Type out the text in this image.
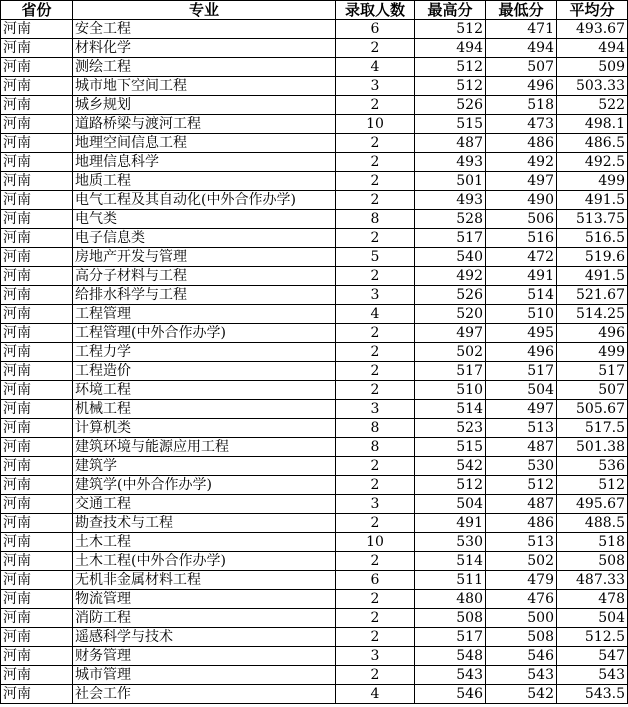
省份	专业	录取人数	最高分	最低分	平均分
河南	安全工程	6	512	471	493.67
河南	材料化学	2	494	494	494
河南	测绘工程	4	512	507	509
河南	城市地下空间工程	3	512	496	503.33
河南	城乡规划	2	526	518	522
河南	道路桥梁与渡河工程	10	515	473	498.1
河南	地理空间信息工程	2	487	486	486.5
河南	地理信息科学	2	493	492	492.5
河南	地质工程	2	501	497	499
河南	电气工程及其自动化(中外合作办学)	2	493	490	491.5
河南	电气类	8	528	506	513.75
河南	电子信息类	2	517	516	516.5
河南	房地产开发与管理	5	540	472	519.6
河南	高分子材料与工程	2	492	491	491.5
河南	给排水科学与工程	3	526	514	521.67
河南	工程管理	4	520	510	514.25
河南	工程管理(中外合作办学)	2	497	495	496
河南	工程力学	2	502	496	499
河南	工程造价	2	517	517	517
河南	环境工程	2	510	504	507
河南	机械工程	3	514	497	505.67
河南	计算机类	8	523	513	517.5
河南	建筑环境与能源应用工程	8	515	487	501.38
河南	建筑学	2	542	530	536
河南	建筑学(中外合作办学)	2	512	512	512
河南	交通工程	3	504	487	495.67
河南	勘查技术与工程	2	491	486	488.5
河南	土木工程	10	530	513	518
河南	土木工程(中外合作办学)	2	514	502	508
河南	无机非金属材料工程	6	511	479	487.33
河南	物流管理	2	480	476	478
河南	消防工程	2	508	500	504
河南	遥感科学与技术	2	517	508	512.5
河南	财务管理	3	548	546	547
河南	城市管理	2	543	543	543
河南	社会工作	4	546	542	543.5
